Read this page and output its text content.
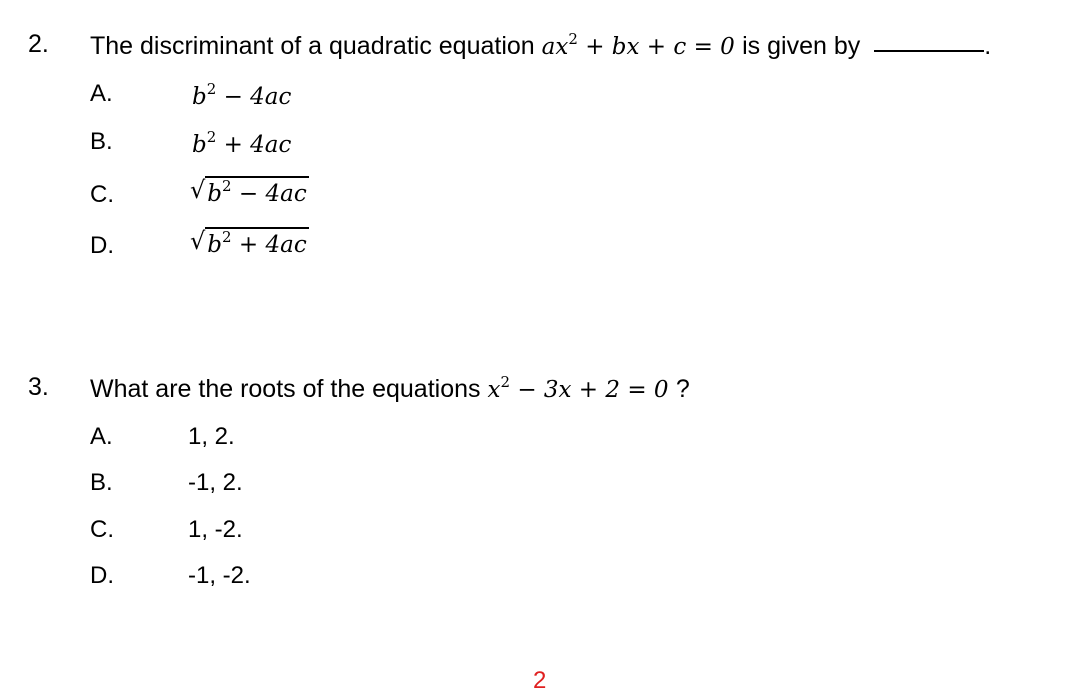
2. The discriminant of a quadratic equation $ax^2$ + bx + c = 0 is given by	.
A.	$b^2 - 4ac$
B.	$b^2 + 4ac$
C.	√ $b^2 - 4ac$
D.	√ $b^2 + 4ac$
3. What are the roots of the equations $x^2 - 3x + 2 = 0$ ?
A.	1, 2.
B.	-1, 2.
C.	1, -2.
D.	-1, -2.
2
